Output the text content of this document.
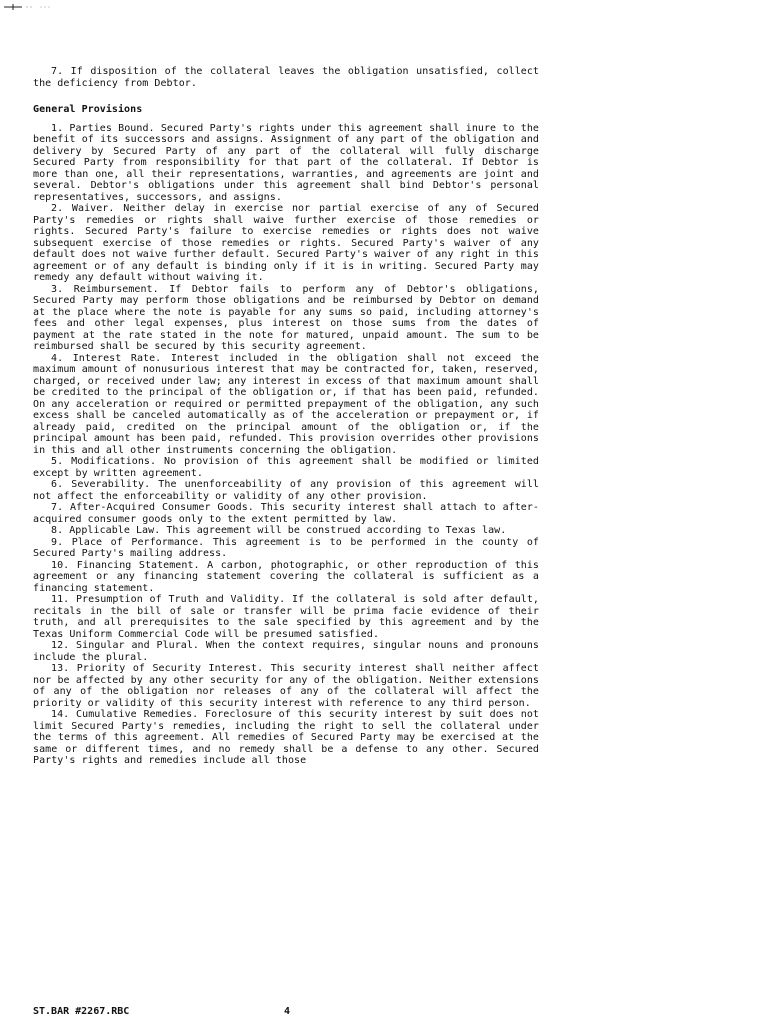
7. If disposition of the collateral leaves the obligation unsatisfied, collect the deficiency from Debtor.

General Provisions

1. Parties Bound. Secured Party's rights under this agreement shall inure to the benefit of its successors and assigns. Assignment of any part of the obligation and delivery by Secured Party of any part of the collateral will fully discharge Secured Party from responsibility for that part of the collateral. If Debtor is more than one, all their representations, warranties, and agreements are joint and several. Debtor's obligations under this agreement shall bind Debtor's personal representatives, successors, and assigns.

2. Waiver. Neither delay in exercise nor partial exercise of any of Secured Party's remedies or rights shall waive further exercise of those remedies or rights. Secured Party's failure to exercise remedies or rights does not waive subsequent exercise of those remedies or rights. Secured Party's waiver of any default does not waive further default. Secured Party's waiver of any right in this agreement or of any default is binding only if it is in writing. Secured Party may remedy any default without waiving it.

3. Reimbursement. If Debtor fails to perform any of Debtor's obligations, Secured Party may perform those obligations and be reimbursed by Debtor on demand at the place where the note is payable for any sums so paid, including attorney's fees and other legal expenses, plus interest on those sums from the dates of payment at the rate stated in the note for matured, unpaid amount. The sum to be reimbursed shall be secured by this security agreement.

4. Interest Rate. Interest included in the obligation shall not exceed the maximum amount of nonusurious interest that may be contracted for, taken, reserved, charged, or received under law; any interest in excess of that maximum amount shall be credited to the principal of the obligation or, if that has been paid, refunded. On any acceleration or required or permitted prepayment of the obligation, any such excess shall be canceled automatically as of the acceleration or prepayment or, if already paid, credited on the principal amount of the obligation or, if the principal amount has been paid, refunded. This provision overrides other provisions in this and all other instruments concerning the obligation.

5. Modifications. No provision of this agreement shall be modified or limited except by written agreement.

6. Severability. The unenforceability of any provision of this agreement will not affect the enforceability or validity of any other provision.

7. After-Acquired Consumer Goods. This security interest shall attach to after-acquired consumer goods only to the extent permitted by law.

8. Applicable Law. This agreement will be construed according to Texas law.

9. Place of Performance. This agreement is to be performed in the county of Secured Party's mailing address.

10. Financing Statement. A carbon, photographic, or other reproduction of this agreement or any financing statement covering the collateral is sufficient as a financing statement.

11. Presumption of Truth and Validity. If the collateral is sold after default, recitals in the bill of sale or transfer will be prima facie evidence of their truth, and all prerequisites to the sale specified by this agreement and by the Texas Uniform Commercial Code will be presumed satisfied.

12. Singular and Plural. When the context requires, singular nouns and pronouns include the plural.

13. Priority of Security Interest. This security interest shall neither affect nor be affected by any other security for any of the obligation. Neither extensions of any of the obligation nor releases of any of the collateral will affect the priority or validity of this security interest with reference to any third person.

14. Cumulative Remedies. Foreclosure of this security interest by suit does not limit Secured Party's remedies, including the right to sell the collateral under the terms of this agreement. All remedies of Secured Party may be exercised at the same or different times, and no remedy shall be a defense to any other. Secured Party's rights and remedies include all those

ST.BAR #2267.RBC	4
